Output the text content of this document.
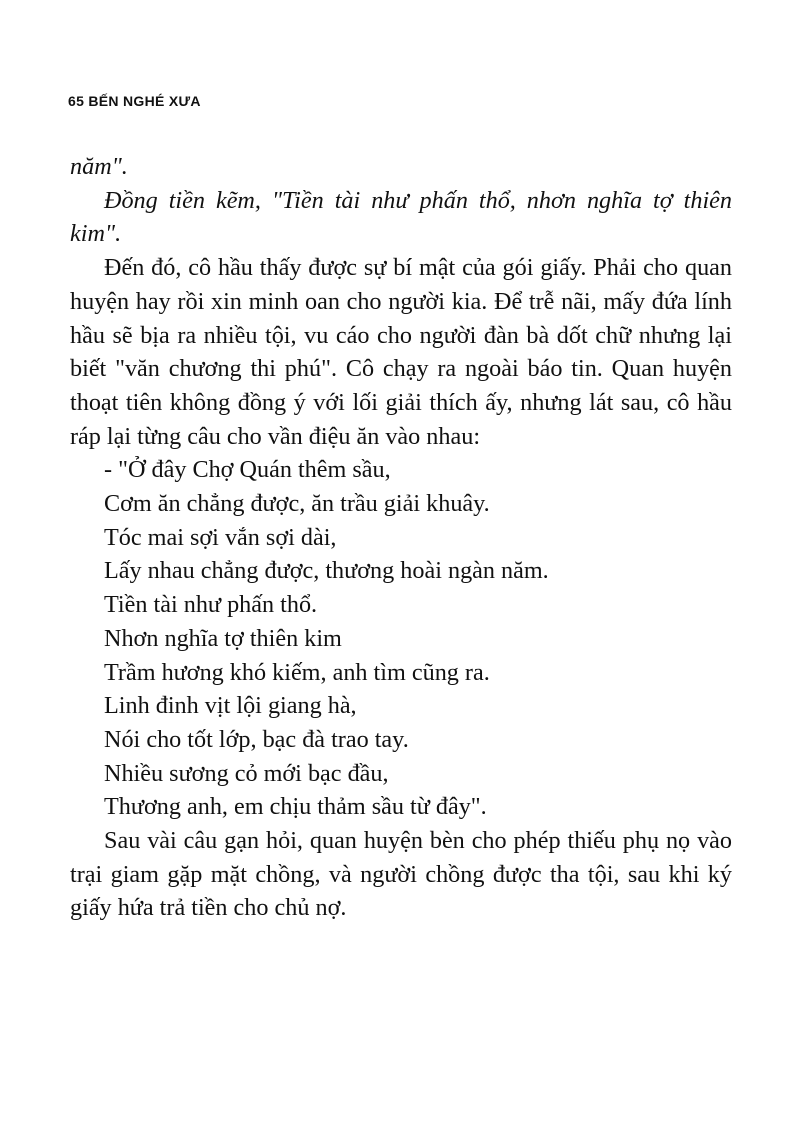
65 BẾN NGHÉ XƯA

năm".

Đồng tiền kẽm, "Tiền tài như phấn thổ, nhơn nghĩa tợ thiên kim".

Đến đó, cô hầu thấy được sự bí mật của gói giấy. Phải cho quan huyện hay rồi xin minh oan cho người kia. Để trễ nãi, mấy đứa lính hầu sẽ bịa ra nhiều tội, vu cáo cho người đàn bà dốt chữ nhưng lại biết "văn chương thi phú". Cô chạy ra ngoài báo tin. Quan huyện thoạt tiên không đồng ý với lối giải thích ấy, nhưng lát sau, cô hầu ráp lại từng câu cho vần điệu ăn vào nhau:

- "Ở đây Chợ Quán thêm sầu,
Cơm ăn chẳng được, ăn trầu giải khuây.
Tóc mai sợi vắn sợi dài,
Lấy nhau chẳng được, thương hoài ngàn năm.
Tiền tài như phấn thổ.
Nhơn nghĩa tợ thiên kim
Trầm hương khó kiếm, anh tìm cũng ra.
Linh đinh vịt lội giang hà,
Nói cho tốt lớp, bạc đà trao tay.
Nhiều sương cỏ mới bạc đầu,
Thương anh, em chịu thảm sầu từ đây".

Sau vài câu gạn hỏi, quan huyện bèn cho phép thiếu phụ nọ vào trại giam gặp mặt chồng, và người chồng được tha tội, sau khi ký giấy hứa trả tiền cho chủ nợ.
